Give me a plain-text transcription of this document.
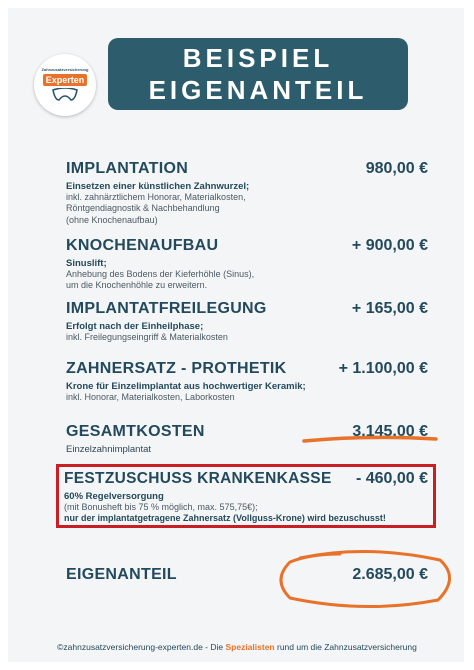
Zahnzusatzversicherung
Experten
BEISPIEL
EIGENANTEIL
IMPLANTATION	980,00 €
Einsetzen einer künstlichen Zahnwurzel;
inkl. zahnärztlichem Honorar, Materialkosten,
Röntgendiagnostik & Nachbehandlung
(ohne Knochenaufbau)
KNOCHENAUFBAU	+ 900,00 €
Sinuslift;
Anhebung des Bodens der Kieferhöhle (Sinus),
um die Knochenhöhle zu erweitern.
IMPLANTATFREILEGUNG	+ 165,00 €
Erfolgt nach der Einheilphase;
inkl. Freilegungseingriff & Materialkosten
ZAHNERSATZ - PROTHETIK	+ 1.100,00 €
Krone für Einzelimplantat aus hochwertiger Keramik;
inkl. Honorar, Materialkosten, Laborkosten
GESAMTKOSTEN	3.145,00 €
Einzelzahnimplantat
FESTZUSCHUSS KRANKENKASSE - 460,00 €
60% Regelversorgung
(mit Bonusheft bis 75 % möglich, max. 575,75€);
nur der implantatgetragene Zahnersatz (Vollguss-Krone) wird bezuschusst!
EIGENANTEIL	2.685,00 €
©zahnzusatzversicherung-experten.de - Die Spezialisten rund um die Zahnzusatzversicherung
